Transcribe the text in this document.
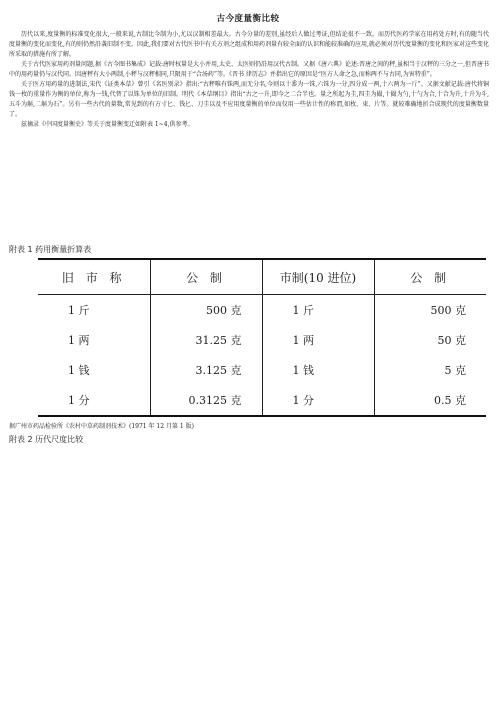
古今度量衡比较

历代以来,度量衡的标准变化很大,一般来说,古制比今制为小,尤以汉制相差最大。古今分量的差别,虽经后人做过考证,但结论很不一致。而历代医药学家在用药处方时,有的随当代度量衡的变化而变化,有的则仍然沿袭旧制不变。因此,我们要对古代医书中有关方剂之组成和用药剂量有较全面的认识和能较准确的应用,就必须对历代度量衡的变化和医家对这些变化所采取的措施有所了解。

关于古代医家用药剂量问题,据《古今图书集成》记载:唐时权量是大小并用,太史、太医则仍沿用汉代古制。又据《唐六典》论述:晋唐之间的秤,虽相当于汉秤的三分之一,但晋唐书中的用药量仍与汉代同。因唐秤有大小两制,小秤与汉秤相同,只限用于“合汤药”等。《晋书 律历志》并指出它的原因是“医方人命之急,而称两不与古同,为害特重”。

关于医方用药量的进制法,宋代《证类本草》曾引《名医别录》指出:“古秤唯有铢两,而无分名,今则以十黍为一铢,六铢为一分,四分成一两,十六两为一斤”。又据文献记载:唐代将铜钱一枚的重量作为衡的单位,称为一钱,代替了以铢为单位的旧制。明代《本草纲目》指出“古之一升,即今之二合半也。量之所起为圭,四圭为撮,十撮为勺,十勺为合,十合为升,十升为斗,五斗为斛,二斛为石”。另有一些古代的量数,常见到的有方寸匕、钱匕、刀圭以及不应用度量衡的单位而仅用一些估计性的称谓,如枚、束、片等。就较难确地折合成现代的度量衡数量了。

兹摘录《中国度量衡史》等关于度量衡变迁如附表 1~4,供参考。

附表 1 药用衡量折算表
旧 市 称	公 制	市制(10 进位)	公 制
1 斤	500 克	1 斤	500 克
1 两	31.25 克	1 两	50 克
1 钱	3.125 克	1 钱	5 克
1 分	0.3125 克	1 分	0.5 克
据广州市药品检验所《农村中草药制剂技术》(1971 年 12 月第 1 版)
附表 2 历代尺度比较
